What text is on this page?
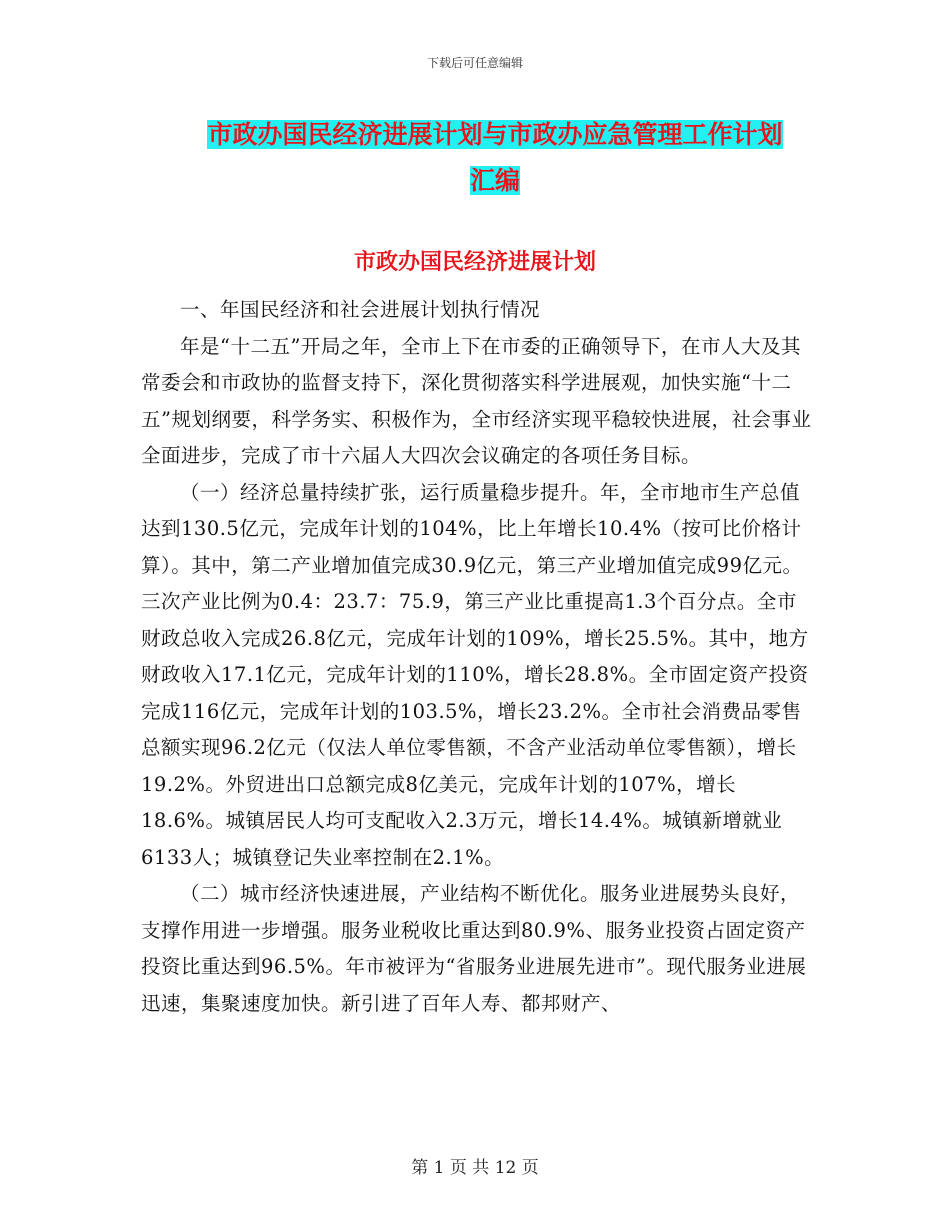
下载后可任意编辑
市政办国民经济进展计划与市政办应急管理工作计划
汇编
市政办国民经济进展计划

一、年国民经济和社会进展计划执行情况

年是“十二五”开局之年，全市上下在市委的正确领导下，在市人大及其常委会和市政协的监督支持下，深化贯彻落实科学进展观，加快实施“十二五”规划纲要，科学务实、积极作为，全市经济实现平稳较快进展，社会事业全面进步，完成了市十六届人大四次会议确定的各项任务目标。

（一）经济总量持续扩张，运行质量稳步提升。年，全市地市生产总值达到130.5亿元，完成年计划的104%，比上年增长10.4%（按可比价格计算）。其中，第二产业增加值完成30.9亿元，第三产业增加值完成99亿元。三次产业比例为0.4：23.7：75.9，第三产业比重提高1.3个百分点。全市财政总收入完成26.8亿元，完成年计划的109%，增长25.5%。其中，地方财政收入17.1亿元，完成年计划的110%，增长28.8%。全市固定资产投资完成116亿元，完成年计划的103.5%，增长23.2%。全市社会消费品零售总额实现96.2亿元（仅法人单位零售额，不含产业活动单位零售额），增长19.2%。外贸进出口总额完成8亿美元，完成年计划的107%，增长18.6%。城镇居民人均可支配收入2.3万元，增长14.4%。城镇新增就业6133人；城镇登记失业率控制在2.1%。

（二）城市经济快速进展，产业结构不断优化。服务业进展势头良好，支撑作用进一步增强。服务业税收比重达到80.9%、服务业投资占固定资产投资比重达到96.5%。年市被评为“省服务业进展先进市”。现代服务业进展迅速，集聚速度加快。新引进了百年人寿、都邦财产、

第 1 页 共 12 页
